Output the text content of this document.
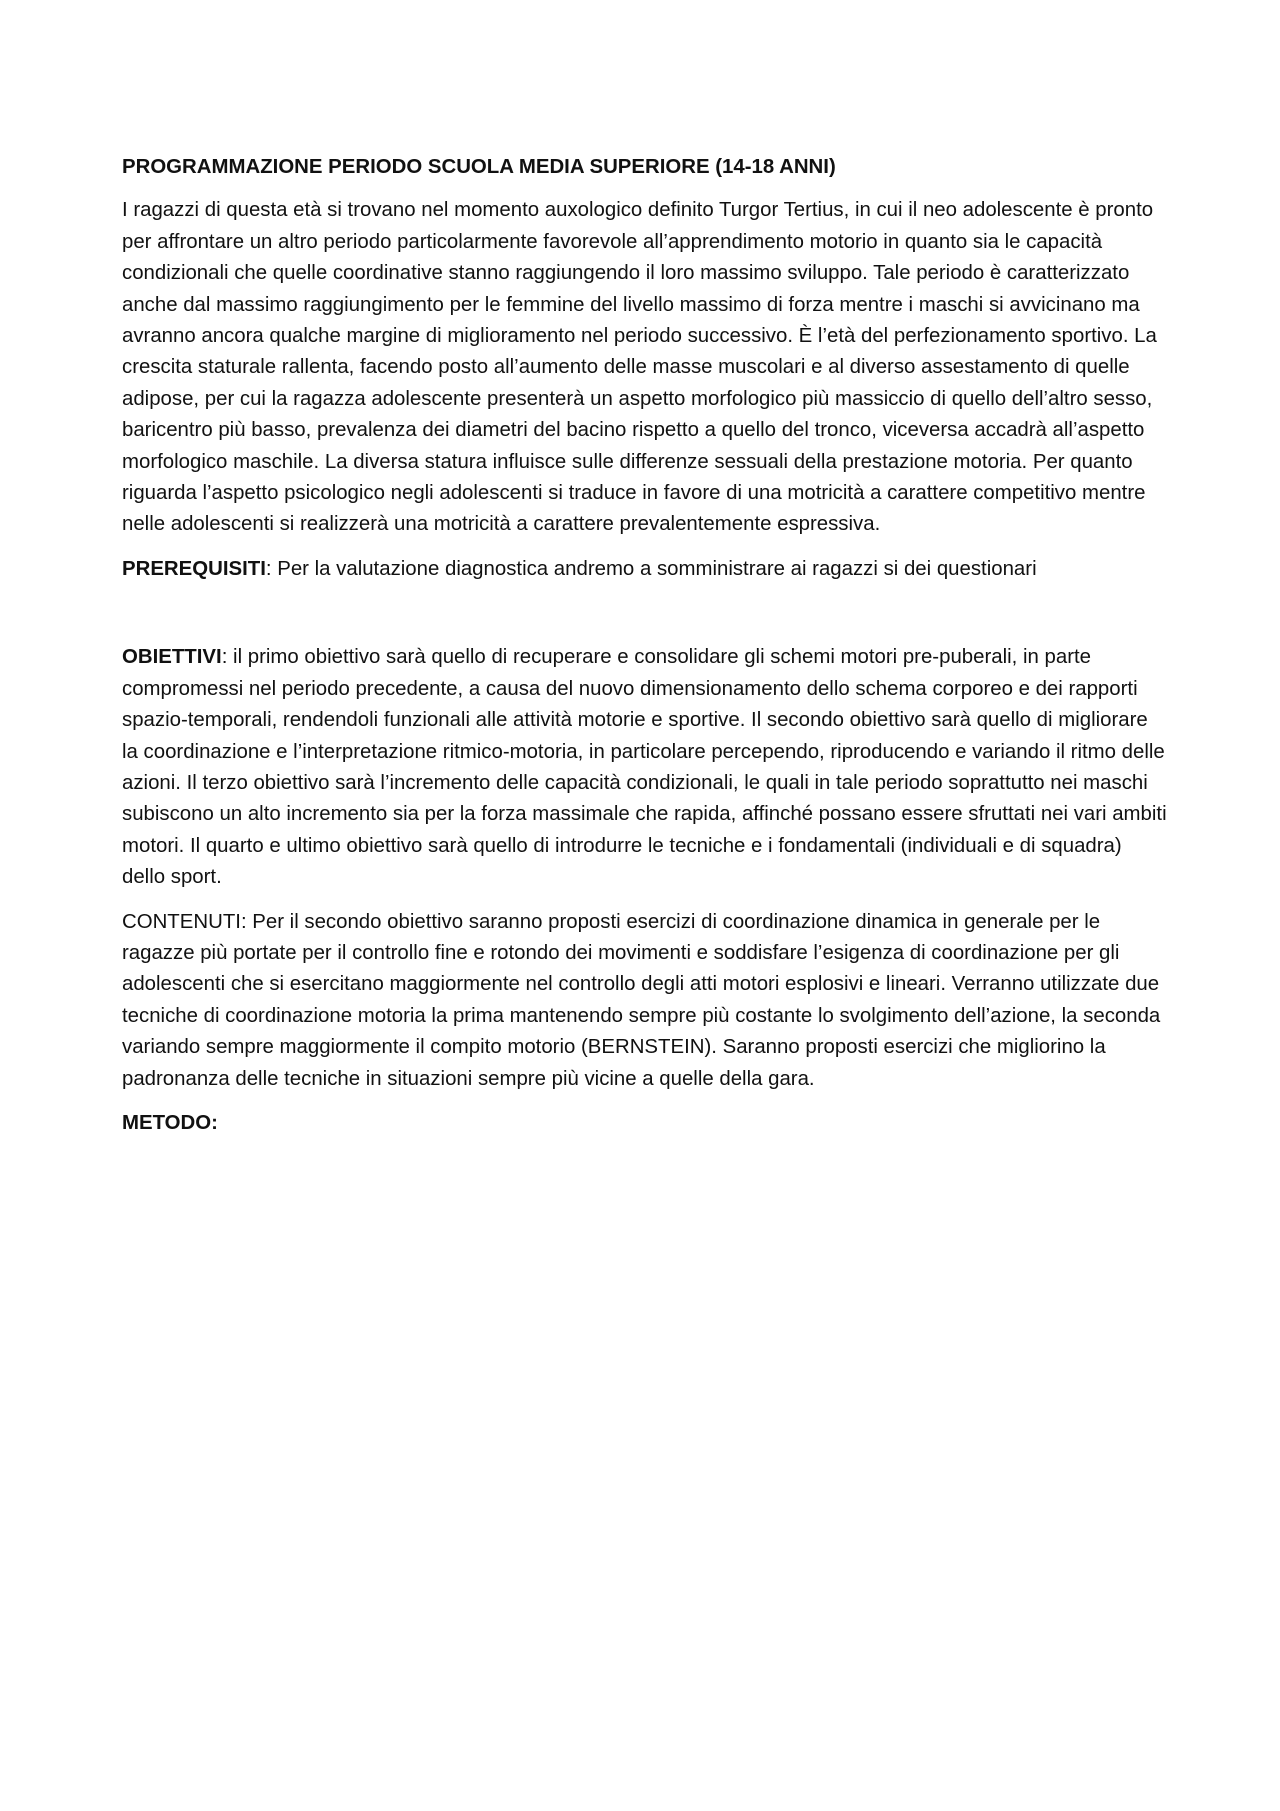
PROGRAMMAZIONE PERIODO SCUOLA MEDIA SUPERIORE (14-18 ANNI)

I ragazzi di questa età si trovano nel momento auxologico definito Turgor Tertius, in cui il neo adolescente è pronto per affrontare un altro periodo particolarmente favorevole all’apprendimento motorio in quanto sia le capacità condizionali che quelle coordinative stanno raggiungendo il loro massimo sviluppo. Tale periodo è caratterizzato anche dal massimo raggiungimento per le femmine del livello massimo di forza mentre i maschi si avvicinano ma avranno ancora qualche margine di miglioramento nel periodo successivo. È l’età del perfezionamento sportivo. La crescita staturale rallenta, facendo posto all’aumento delle masse muscolari e al diverso assestamento di quelle adipose, per cui la ragazza adolescente presenterà un aspetto morfologico più massiccio di quello dell’altro sesso, baricentro più basso, prevalenza dei diametri del bacino rispetto a quello del tronco, viceversa accadrà all’aspetto morfologico maschile. La diversa statura influisce sulle differenze sessuali della prestazione motoria. Per quanto riguarda l’aspetto psicologico negli adolescenti si traduce in favore di una motricità a carattere competitivo mentre nelle adolescenti si realizzerà una motricità a carattere prevalentemente espressiva.

PREREQUISITI: Per la valutazione diagnostica andremo a somministrare ai ragazzi si dei questionari

OBIETTIVI: il primo obiettivo sarà quello di recuperare e consolidare gli schemi motori pre-puberali, in parte compromessi nel periodo precedente, a causa del nuovo dimensionamento dello schema corporeo e dei rapporti spazio-temporali, rendendoli funzionali alle attività motorie e sportive. Il secondo obiettivo sarà quello di migliorare la coordinazione e l’interpretazione ritmico-motoria, in particolare percependo, riproducendo e variando il ritmo delle azioni. Il terzo obiettivo sarà l’incremento delle capacità condizionali, le quali in tale periodo soprattutto nei maschi subiscono un alto incremento sia per la forza massimale che rapida, affinché possano essere sfruttati nei vari ambiti motori. Il quarto e ultimo obiettivo sarà quello di introdurre le tecniche e i fondamentali (individuali e di squadra) dello sport.

CONTENUTI: Per il secondo obiettivo saranno proposti esercizi di coordinazione dinamica in generale per le ragazze più portate per il controllo fine e rotondo dei movimenti e soddisfare l’esigenza di coordinazione per gli adolescenti che si esercitano maggiormente nel controllo degli atti motori esplosivi e lineari. Verranno utilizzate due tecniche di coordinazione motoria la prima mantenendo sempre più costante lo svolgimento dell’azione, la seconda variando sempre maggiormente il compito motorio (BERNSTEIN). Saranno proposti esercizi che migliorino la padronanza delle tecniche in situazioni sempre più vicine a quelle della gara.

METODO:
